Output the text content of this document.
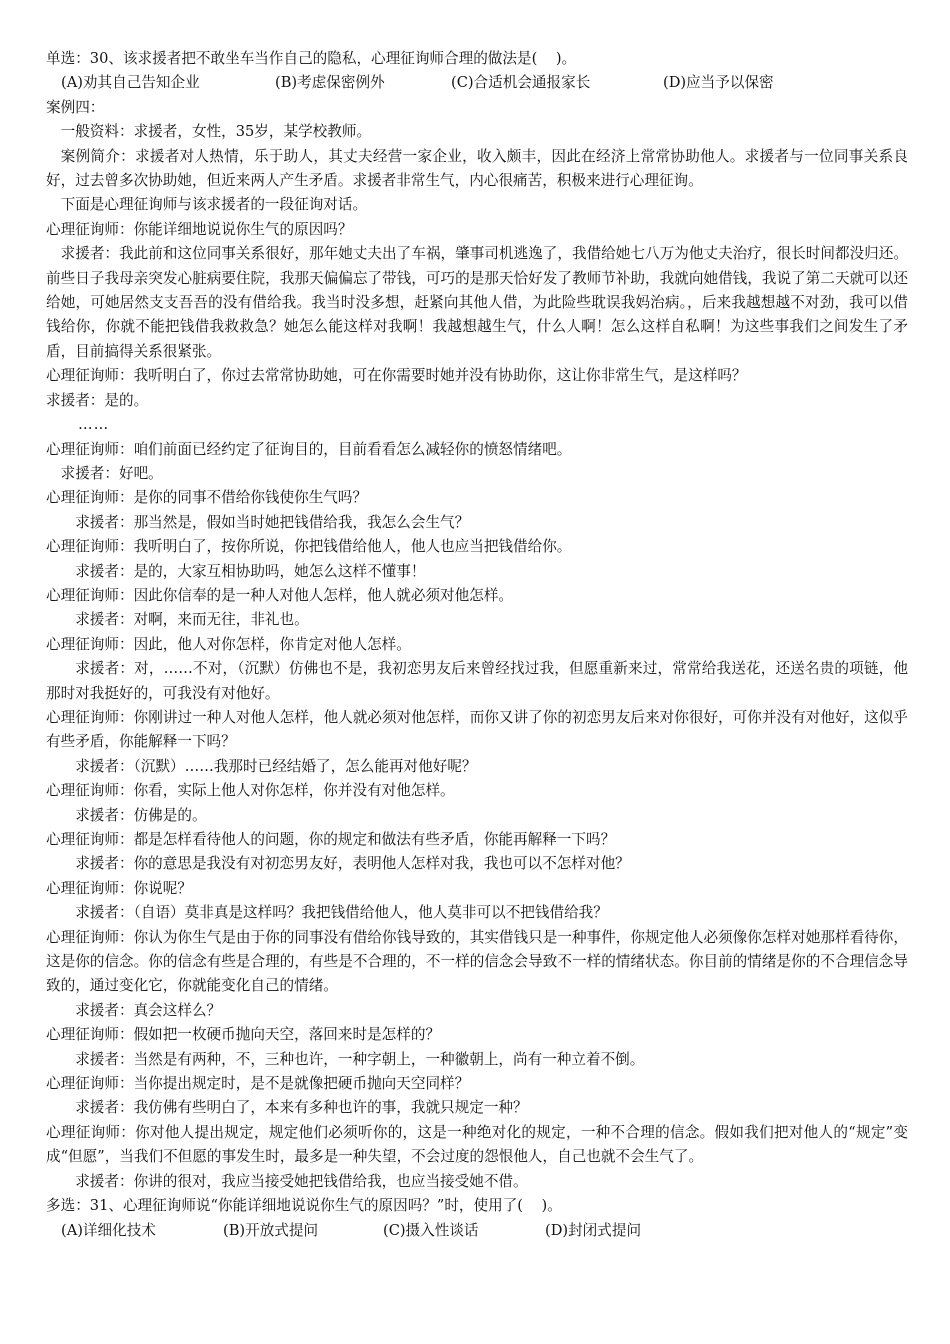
单选：30、该求援者把不敢坐车当作自己的隐私，心理征询师合理的做法是(    )。
(A)劝其自己告知企业	(B)考虑保密例外	(C)合适机会通报家长	(D)应当予以保密
案例四：
一般资料：求援者，女性，35岁，某学校教师。
案例简介：求援者对人热情，乐于助人，其丈夫经营一家企业，收入颇丰，因此在经济上常常协助他人。求援者与一位同事关系良好，过去曾多次协助她，但近来两人产生矛盾。求援者非常生气，内心很痛苦，积极来进行心理征询。
下面是心理征询师与该求援者的一段征询对话。
心理征询师：你能详细地说说你生气的原因吗？
求援者：我此前和这位同事关系很好，那年她丈夫出了车祸，肇事司机逃逸了，我借给她七八万为他丈夫治疗，很长时间都没归还。前些日子我母亲突发心脏病要住院，我那天偏偏忘了带钱，可巧的是那天恰好发了教师节补助，我就向她借钱，我说了第二天就可以还给她，可她居然支支吾吾的没有借给我。我当时没多想，赶紧向其他人借，为此险些耽误我妈治病。，后来我越想越不对劲，我可以借钱给你，你就不能把钱借我救救急？她怎么能这样对我啊！我越想越生气，什么人啊！怎么这样自私啊！为这些事我们之间发生了矛盾，目前搞得关系很紧张。
心理征询师：我听明白了，你过去常常协助她，可在你需要时她并没有协助你，这让你非常生气，是这样吗？
求援者：是的。
……
心理征询师：咱们前面已经约定了征询目的，目前看看怎么减轻你的愤怒情绪吧。
求援者：好吧。
心理征询师：是你的同事不借给你钱使你生气吗？
求援者：那当然是，假如当时她把钱借给我，我怎么会生气？
心理征询师：我听明白了，按你所说，你把钱借给他人，他人也应当把钱借给你。
求援者：是的，大家互相协助吗，她怎么这样不懂事！
心理征询师：因此你信奉的是一种人对他人怎样，他人就必须对他怎样。
求援者：对啊，来而无往，非礼也。
心理征询师：因此，他人对你怎样，你肯定对他人怎样。
求援者：对，……不对，（沉默）仿佛也不是，我初恋男友后来曾经找过我，但愿重新来过，常常给我送花，还送名贵的项链，他那时对我挺好的，可我没有对他好。
心理征询师：你刚讲过一种人对他人怎样，他人就必须对他怎样，而你又讲了你的初恋男友后来对你很好，可你并没有对他好，这似乎有些矛盾，你能解释一下吗？
求援者：（沉默）……我那时已经结婚了，怎么能再对他好呢？
心理征询师：你看，实际上他人对你怎样，你并没有对他怎样。
求援者：仿佛是的。
心理征询师：都是怎样看待他人的问题，你的规定和做法有些矛盾，你能再解释一下吗？
求援者：你的意思是我没有对初恋男友好，表明他人怎样对我，我也可以不怎样对他？
心理征询师：你说呢？
求援者：（自语）莫非真是这样吗？我把钱借给他人，他人莫非可以不把钱借给我？
心理征询师：你认为你生气是由于你的同事没有借给你钱导致的，其实借钱只是一种事件，你规定他人必须像你怎样对她那样看待你，这是你的信念。你的信念有些是合理的，有些是不合理的，不一样的信念会导致不一样的情绪状态。你目前的情绪是你的不合理信念导致的，通过变化它，你就能变化自己的情绪。
求援者：真会这样么？
心理征询师：假如把一枚硬币抛向天空，落回来时是怎样的？
求援者：当然是有两种，不，三种也许，一种字朝上，一种徽朝上，尚有一种立着不倒。
心理征询师：当你提出规定时，是不是就像把硬币抛向天空同样？
求援者：我仿佛有些明白了，本来有多种也许的事，我就只规定一种？
心理征询师：你对他人提出规定，规定他们必须听你的，这是一种绝对化的规定，一种不合理的信念。假如我们把对他人的“规定”变成“但愿”，当我们不但愿的事发生时，最多是一种失望，不会过度的怨恨他人，自己也就不会生气了。
求援者：你讲的很对，我应当接受她把钱借给我，也应当接受她不借。
多选：31、心理征询师说“你能详细地说说你生气的原因吗？”时，使用了(    )。
(A)详细化技术	(B)开放式提问	(C)摄入性谈话	(D)封闭式提问
